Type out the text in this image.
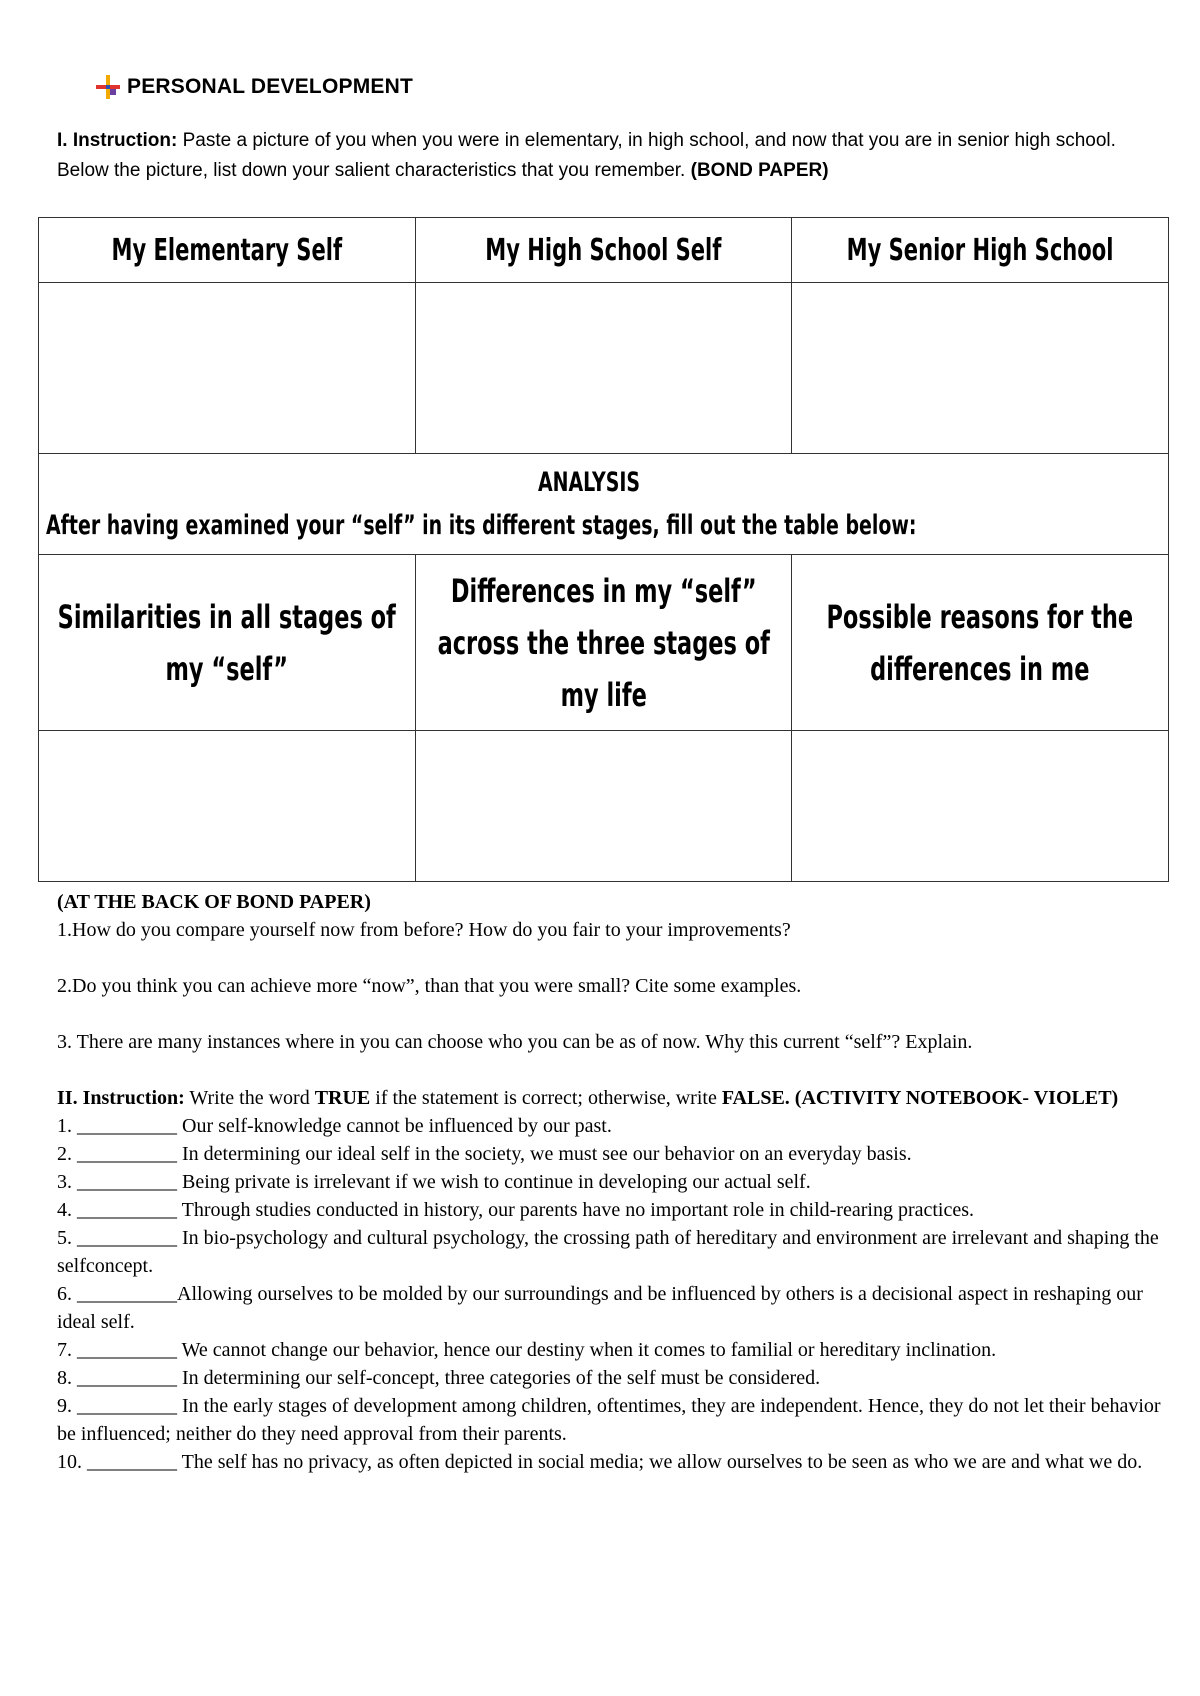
PERSONAL DEVELOPMENT
I. Instruction: Paste a picture of you when you were in elementary, in high school, and now that you are in senior high school. Below the picture, list down your salient characteristics that you remember. (BOND PAPER)
My Elementary Self	My High School Self	My Senior High School

ANALYSIS
After having examined your “self” in its different stages, fill out the table below:		

Similarities in all stages of my “self”	Differences in my “self” across the three stages of my life	Possible reasons for the differences in me

(AT THE BACK OF BOND PAPER)

1.How do you compare yourself now from before? How do you fair to your improvements?

2.Do you think you can achieve more “now”, than that you were small? Cite some examples.

3. There are many instances where in you can choose who you can be as of now. Why this current “self”? Explain.

II. Instruction: Write the word TRUE if the statement is correct; otherwise, write FALSE. (ACTIVITY NOTEBOOK- VIOLET)

1. __________ Our self-knowledge cannot be influenced by our past.

2. __________ In determining our ideal self in the society, we must see our behavior on an everyday basis.

3. __________ Being private is irrelevant if we wish to continue in developing our actual self.

4. __________ Through studies conducted in history, our parents have no important role in child-rearing practices.

5. __________ In bio-psychology and cultural psychology, the crossing path of hereditary and environment are irrelevant and shaping the selfconcept.

6. __________Allowing ourselves to be molded by our surroundings and be influenced by others is a decisional aspect in reshaping our ideal self.

7. __________ We cannot change our behavior, hence our destiny when it comes to familial or hereditary inclination.

8. __________ In determining our self-concept, three categories of the self must be considered.

9. __________ In the early stages of development among children, oftentimes, they are independent. Hence, they do not let their behavior be influenced; neither do they need approval from their parents.

10. _________ The self has no privacy, as often depicted in social media; we allow ourselves to be seen as who we are and what we do.
